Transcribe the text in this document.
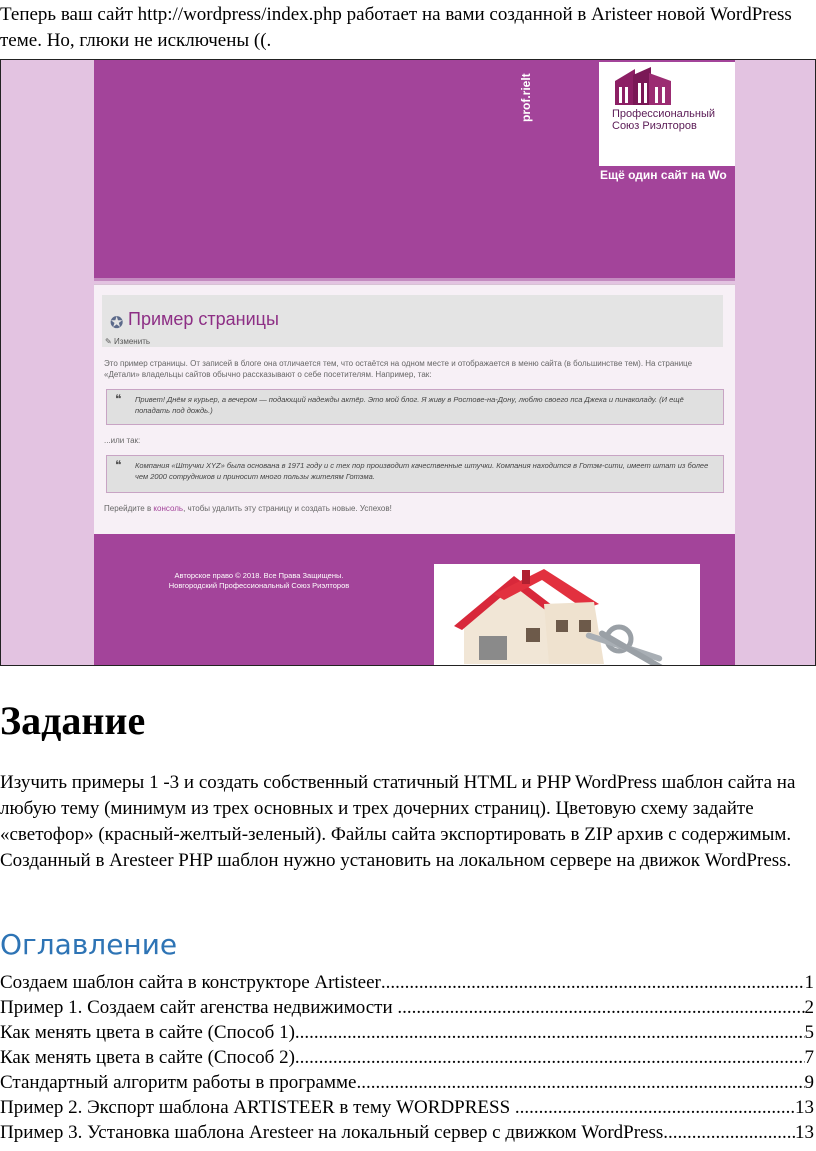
Теперь ваш сайт http://wordpress/index.php работает на вами созданной в Aristeer новой WordPress теме. Но, глюки не исключены ((.
prof.rielt	Профессиональный
Союз Риэлторов
Ещё один сайт на Wo
✪ Пример страницы
✎ Изменить
Это пример страницы. От записей в блоге она отличается тем, что остаётся на одном месте и отображается в меню сайта (в большинстве тем). На странице «Детали» владельцы сайтов обычно рассказывают о себе посетителям. Например, так:
❝ Привет! Днём я курьер, а вечером — подающий надежды актёр. Это мой блог. Я живу в Ростове-на-Дону, люблю своего пса Джека и пинаколаду. (И ещё попадать под дождь.)
...или так:
❝ Компания «Штучки XYZ» была основана в 1971 году и с тех пор производит качественные штучки. Компания находится в Готэм-сити, имеет штат из более чем 2000 сотрудников и приносит много пользы жителям Готэма.
Перейдите в консоль, чтобы удалить эту страницу и создать новые. Успехов!
Авторское право © 2018. Все Права Защищены.
Новгородский Профессиональный Союз Риэлторов
Задание
Изучить примеры 1 -3 и создать собственный статичный HTML и PHP WordPress шаблон сайта на любую тему (минимум из трех основных и трех дочерних страниц). Цветовую схему задайте «светофор» (красный-желтый-зеленый). Файлы сайта экспортировать в ZIP архив с содержимым. Созданный в Aresteer PHP шаблон нужно установить на локальном сервере на движок WordPress.
Оглавление
Создаем шаблон сайта в конструкторе Artisteer .....	1
Пример 1. Создаем сайт агенства недвижимости .....	2
Как менять цвета в сайте (Способ 1) .....	5
Как менять цвета в сайте (Способ 2) .....	7
Стандартный алгоритм работы в программе .....	9
Пример 2. Экспорт шаблона ARTISTEER в тему WORDPRESS .....	13
Пример 3. Установка шаблона Aresteer на локальный сервер с движком WordPress .....	13
